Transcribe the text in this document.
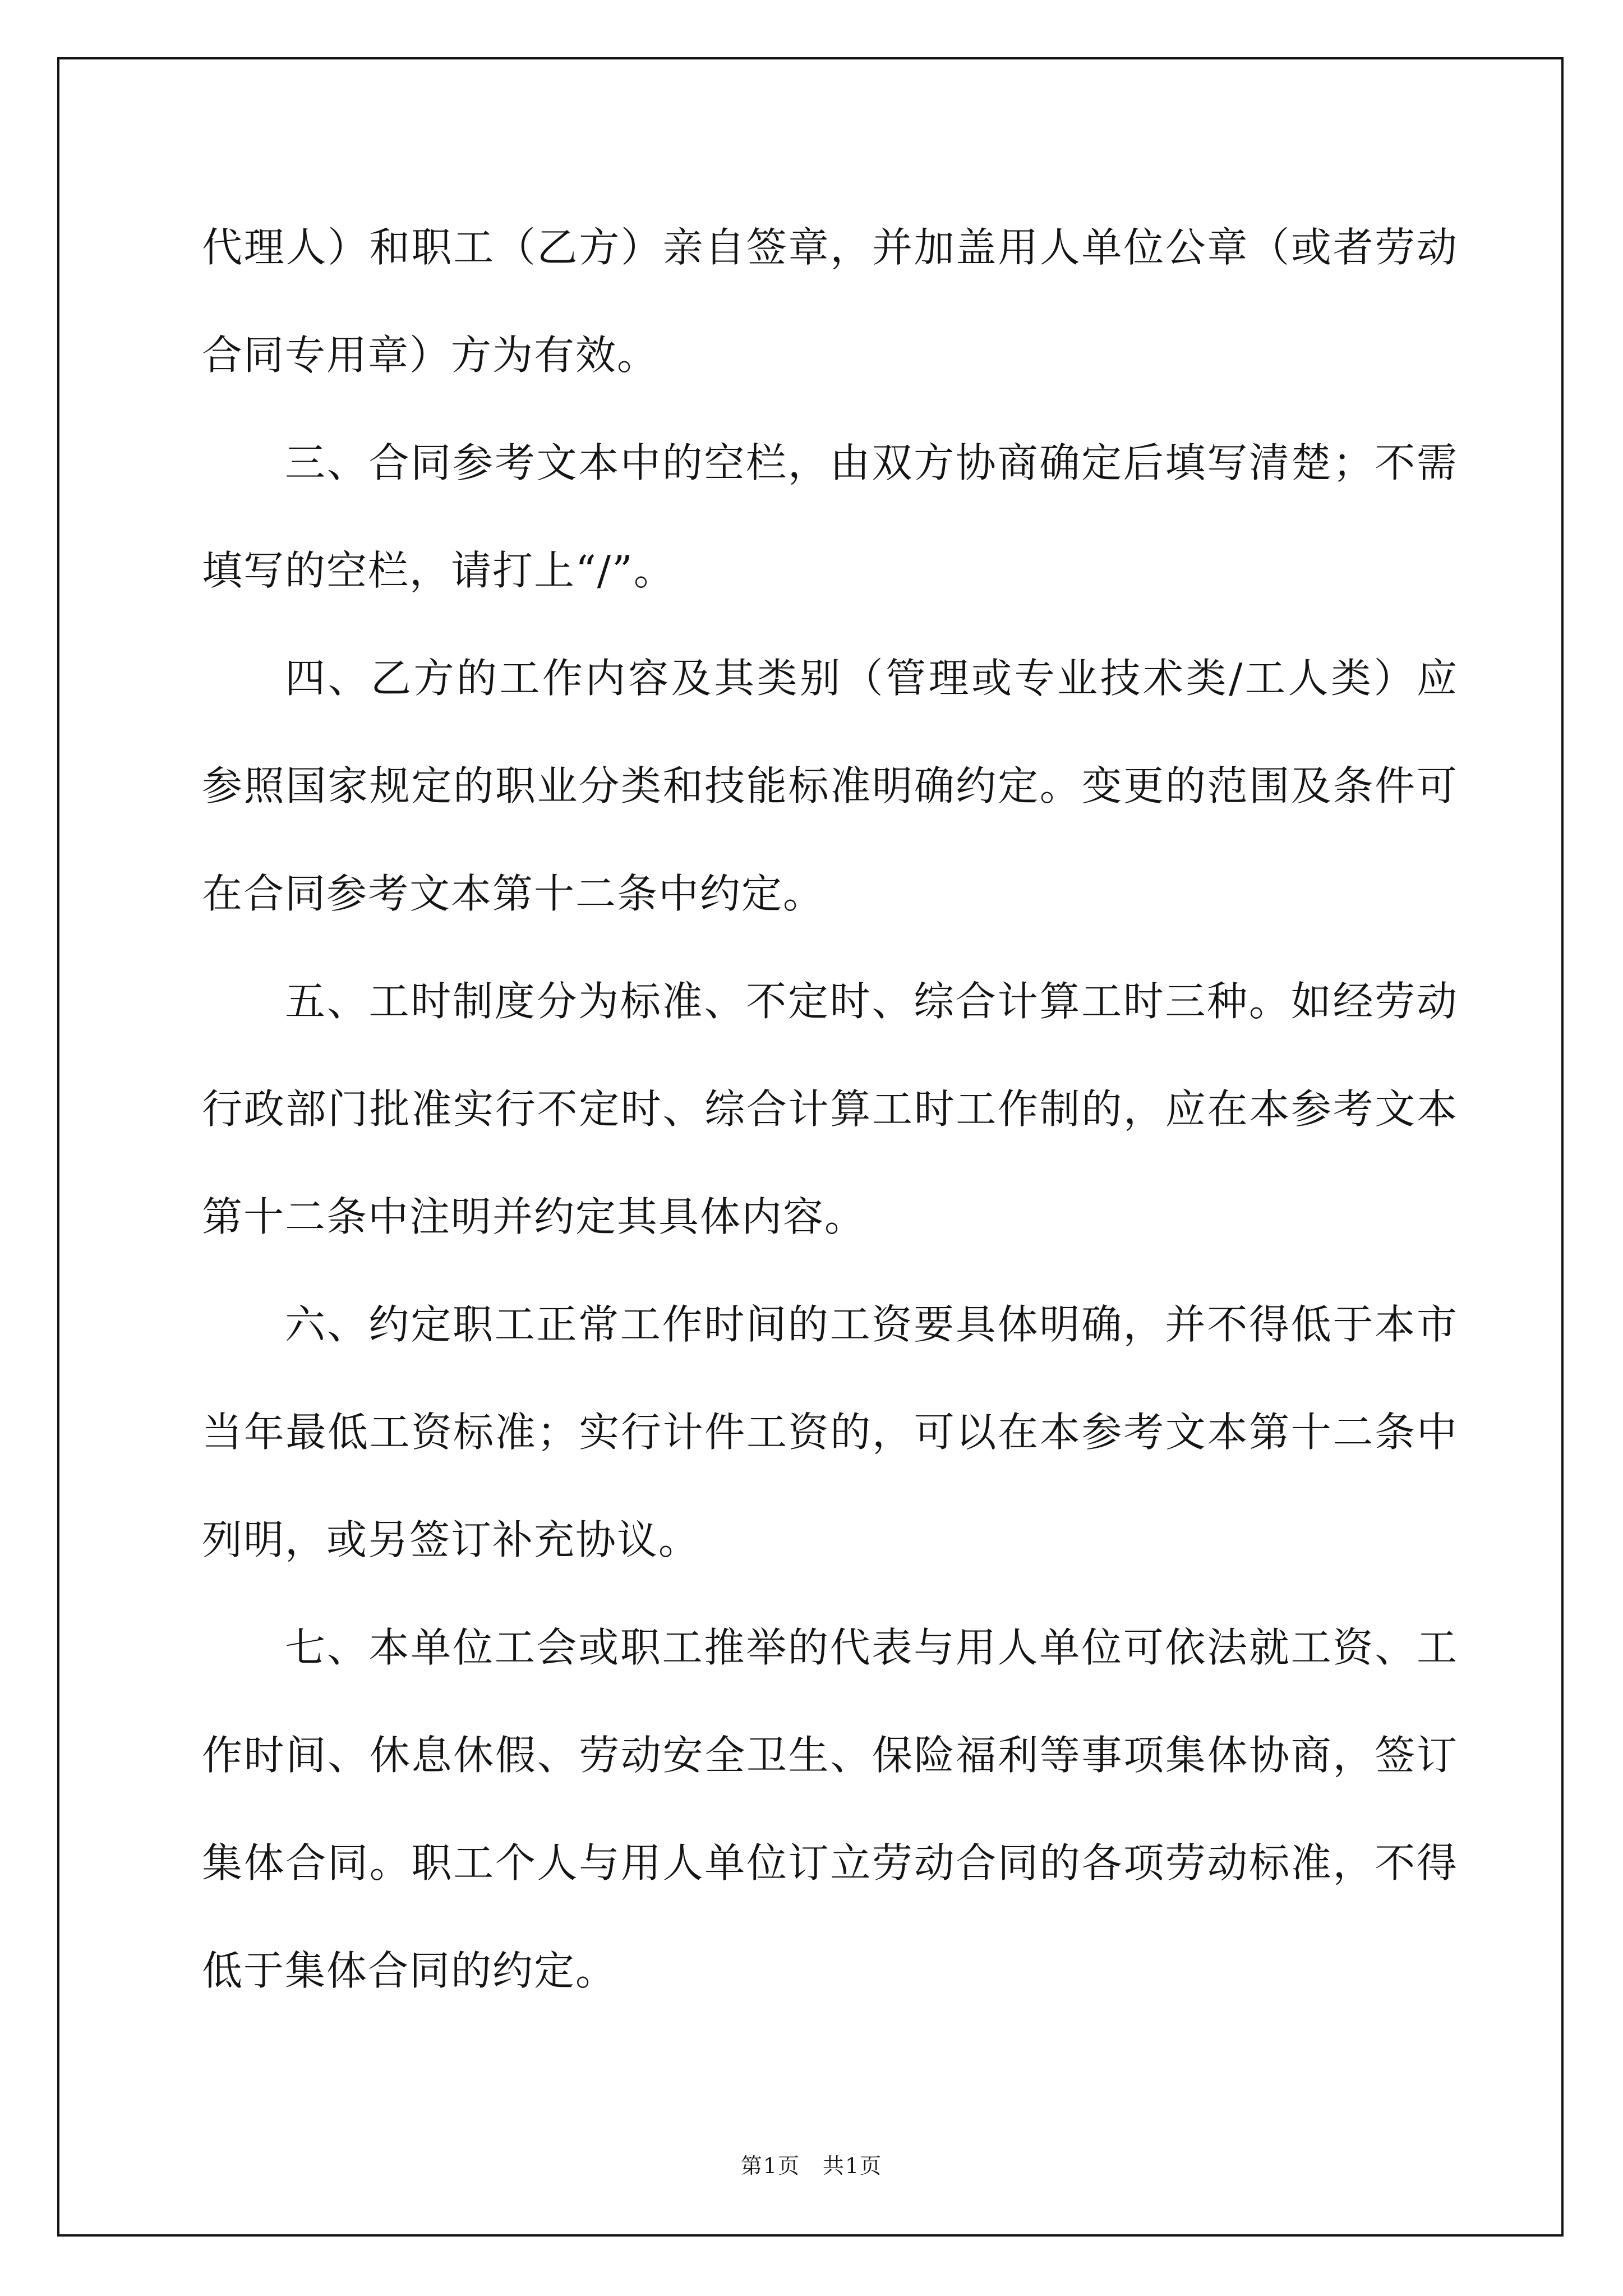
代理人）和职工（乙方）亲自签章，并加盖用人单位公章（或者劳动合同专用章）方为有效。

三、合同参考文本中的空栏，由双方协商确定后填写清楚；不需填写的空栏，请打上“/”。

四、乙方的工作内容及其类别（管理或专业技术类/工人类）应参照国家规定的职业分类和技能标准明确约定。变更的范围及条件可在合同参考文本第十二条中约定。

五、工时制度分为标准、不定时、综合计算工时三种。如经劳动行政部门批准实行不定时、综合计算工时工作制的，应在本参考文本第十二条中注明并约定其具体内容。

六、约定职工正常工作时间的工资要具体明确，并不得低于本市当年最低工资标准；实行计件工资的，可以在本参考文本第十二条中列明，或另签订补充协议。

七、本单位工会或职工推举的代表与用人单位可依法就工资、工作时间、休息休假、劳动安全卫生、保险福利等事项集体协商，签订集体合同。职工个人与用人单位订立劳动合同的各项劳动标准，不得低于集体合同的约定。

第1页　共1页
